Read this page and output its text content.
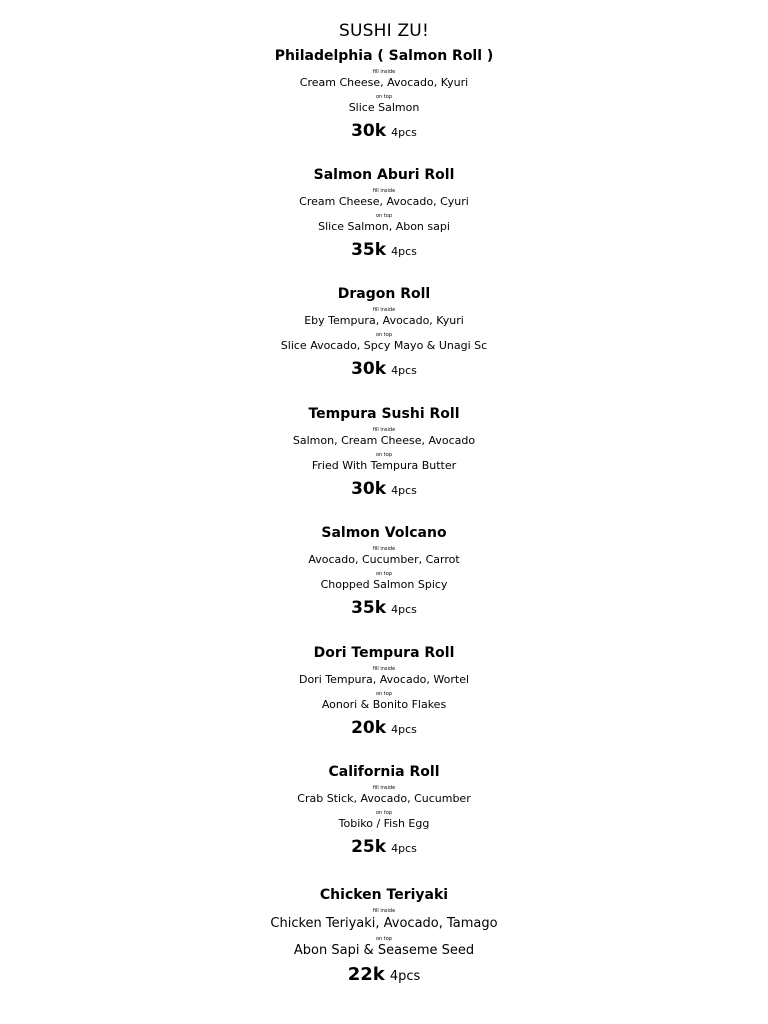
SUSHI ZU!
Philadelphia ( Salmon Roll )
fill inside
Cream Cheese, Avocado, Kyuri
on top
Slice Salmon
30k 4pcs
Salmon Aburi Roll
fill inside
Cream Cheese, Avocado, Cyuri
on top
Slice Salmon, Abon sapi
35k 4pcs
Dragon Roll
fill inside
Eby Tempura, Avocado, Kyuri
on top
Slice Avocado, Spcy Mayo & Unagi Sc
30k 4pcs
Tempura Sushi Roll
fill inside
Salmon, Cream Cheese, Avocado
on top
Fried With Tempura Butter
30k 4pcs
Salmon Volcano
fill inside
Avocado, Cucumber, Carrot
on top
Chopped Salmon Spicy
35k 4pcs
Dori Tempura Roll
fill inside
Dori Tempura, Avocado, Wortel
on top
Aonori & Bonito Flakes
20k 4pcs
California Roll
fill inside
Crab Stick, Avocado, Cucumber
on top
Tobiko / Fish Egg
25k 4pcs
Chicken Teriyaki
fill inside
Chicken Teriyaki, Avocado, Tamago
on top
Abon Sapi & Seaseme Seed
22k 4pcs
